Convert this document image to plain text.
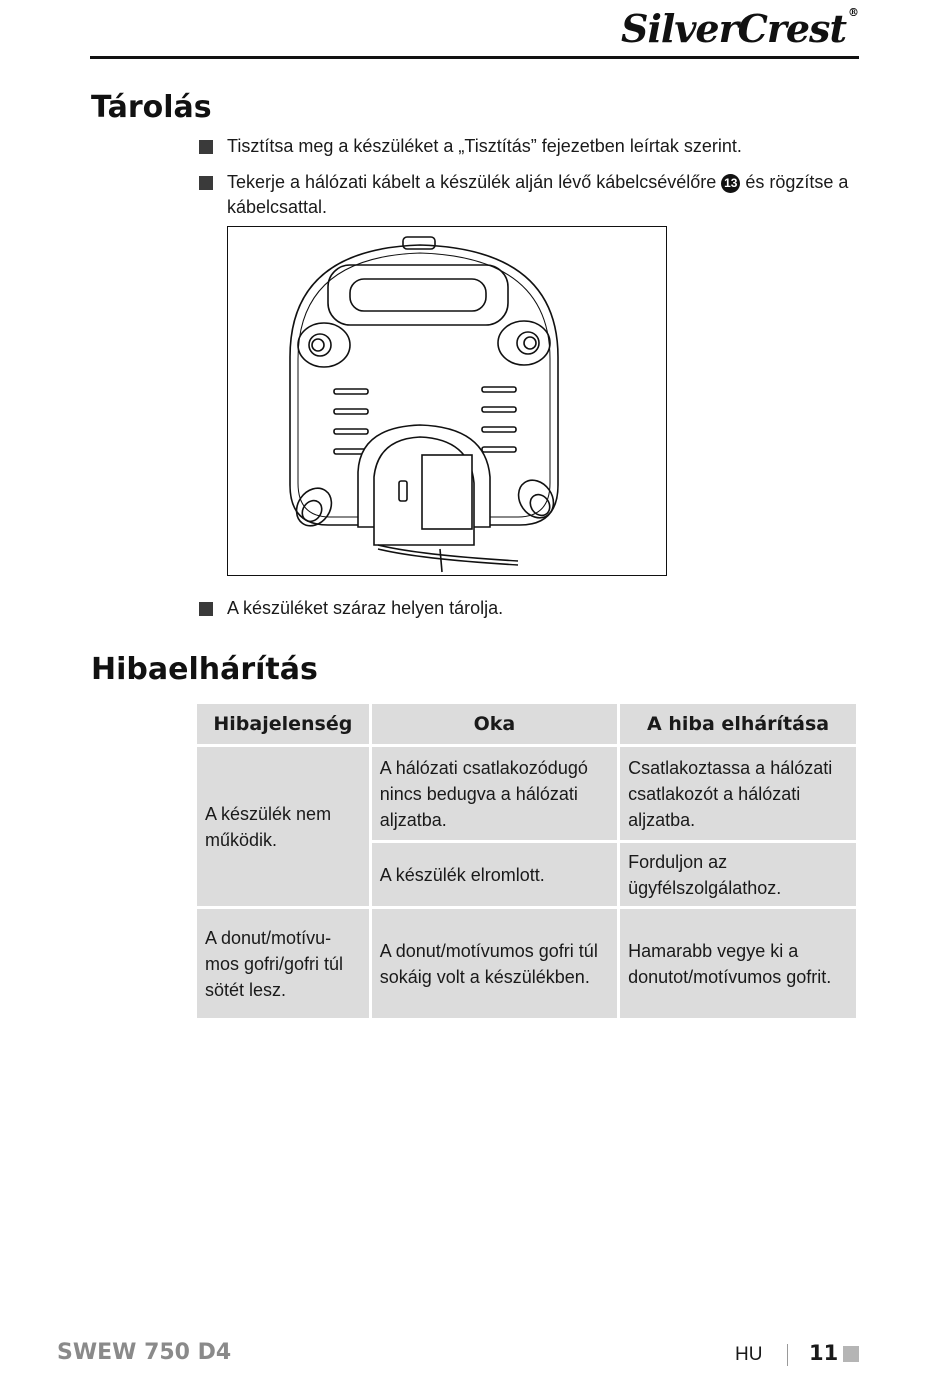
SilverCrest ®
Tárolás
Tisztítsa meg a készüléket a „Tisztítás” fejezetben leírtak szerint.
Tekerje a hálózati kábelt a készülék alján lévő kábelcsévélőre 13 és rögzítse a kábelcsattal.
A készüléket száraz helyen tárolja.
Hibaelhárítás
Hibajelenség	Oka	A hiba elhárítása
A készülék nem működik.	A hálózati csatlakozódugó nincs bedugva a hálózati aljzatba.	Csatlakoztassa a hálózati csatlakozót a hálózati aljzatba.
	A készülék elromlott.	Forduljon az ügyfélszolgálathoz.
A donut/motívu-mos gofri/gofri túl sötét lesz.	A donut/motívumos gofri túl sokáig volt a készülékben.	Hamarabb vegye ki a donutot/motívumos gofrit.
SWEW 750 D4	HU 11
